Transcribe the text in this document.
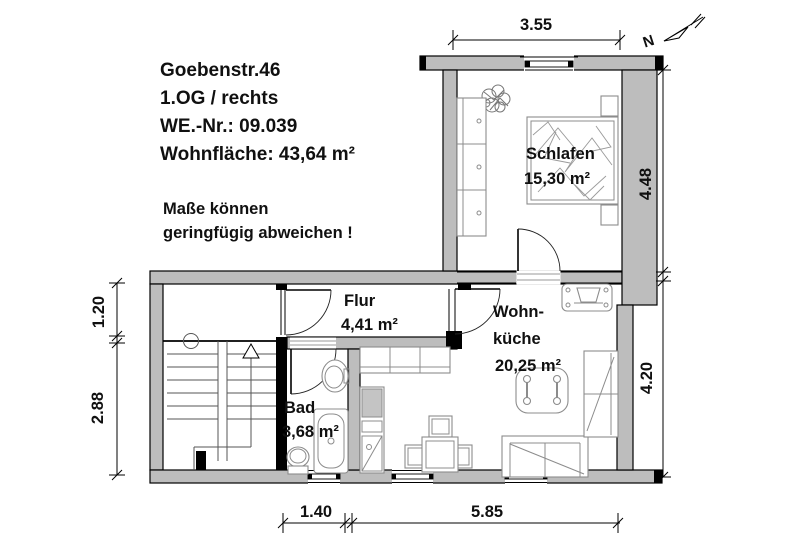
3.55
4.48
4.20
1.20
2.88
1.40	5.85
N
Goebenstr.46
1.OG / rechts
WE.-Nr.: 09.039
Wohnfläche: 43,64 m²
Maße können
geringfügig abweichen !
Schlafen
15,30 m²
Flur
4,41 m²
Wohn-
küche
20,25 m²
Bad
3,68 m²
